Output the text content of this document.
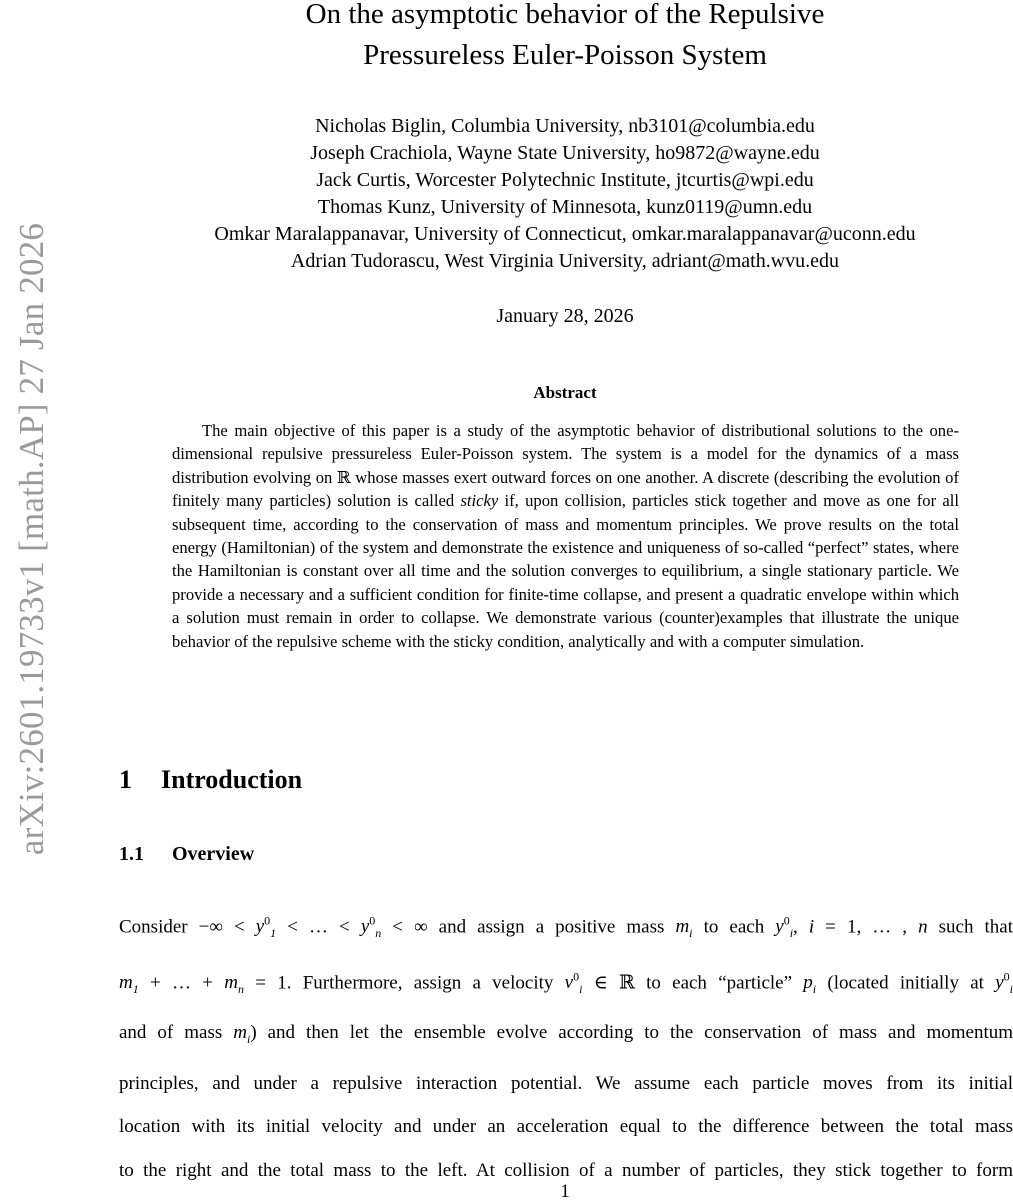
arXiv:2601.19733v1 [math.AP] 27 Jan 2026
On the asymptotic behavior of the Repulsive
Pressureless Euler-Poisson System
Nicholas Biglin, Columbia University, nb3101@columbia.edu
Joseph Crachiola, Wayne State University, ho9872@wayne.edu
Jack Curtis, Worcester Polytechnic Institute, jtcurtis@wpi.edu
Thomas Kunz, University of Minnesota, kunz0119@umn.edu
Omkar Maralappanavar, University of Connecticut, omkar.maralappanavar@uconn.edu
Adrian Tudorascu, West Virginia University, adriant@math.wvu.edu
January 28, 2026
Abstract

The main objective of this paper is a study of the asymptotic behavior of distributional solutions to the one-dimensional repulsive pressureless Euler-Poisson system. The system is a model for the dynamics of a mass distribution evolving on ℝ whose masses exert outward forces on one another. A discrete (describing the evolution of finitely many particles) solution is called sticky if, upon collision, particles stick together and move as one for all subsequent time, according to the conservation of mass and momentum principles. We prove results on the total energy (Hamiltonian) of the system and demonstrate the existence and uniqueness of so-called “perfect” states, where the Hamiltonian is constant over all time and the solution converges to equilibrium, a single stationary particle. We provide a necessary and a sufficient condition for finite-time collapse, and present a quadratic envelope within which a solution must remain in order to collapse. We demonstrate various (counter)examples that illustrate the unique behavior of the repulsive scheme with the sticky condition, analytically and with a computer simulation.

1 Introduction
1.1 Overview
Consider −∞ < $y^0_1$ < … < $y^0_n$ < ∞ and assign a positive mass $m_i$ to each $y^0_i$, i = 1, … , n such that
$m_1$ + … + $m_n = 1$. Furthermore, assign a velocity $v^0_i$ ∈ ℝ to each “particle” $p_i$ (located initially at $y^0_i$
and of mass $m_i$) and then let the ensemble evolve according to the conservation of mass and momentum
principles, and under a repulsive interaction potential. We assume each particle moves from its initial
location with its initial velocity and under an acceleration equal to the difference between the total mass
to the right and the total mass to the left. At collision of a number of particles, they stick together to form
1
